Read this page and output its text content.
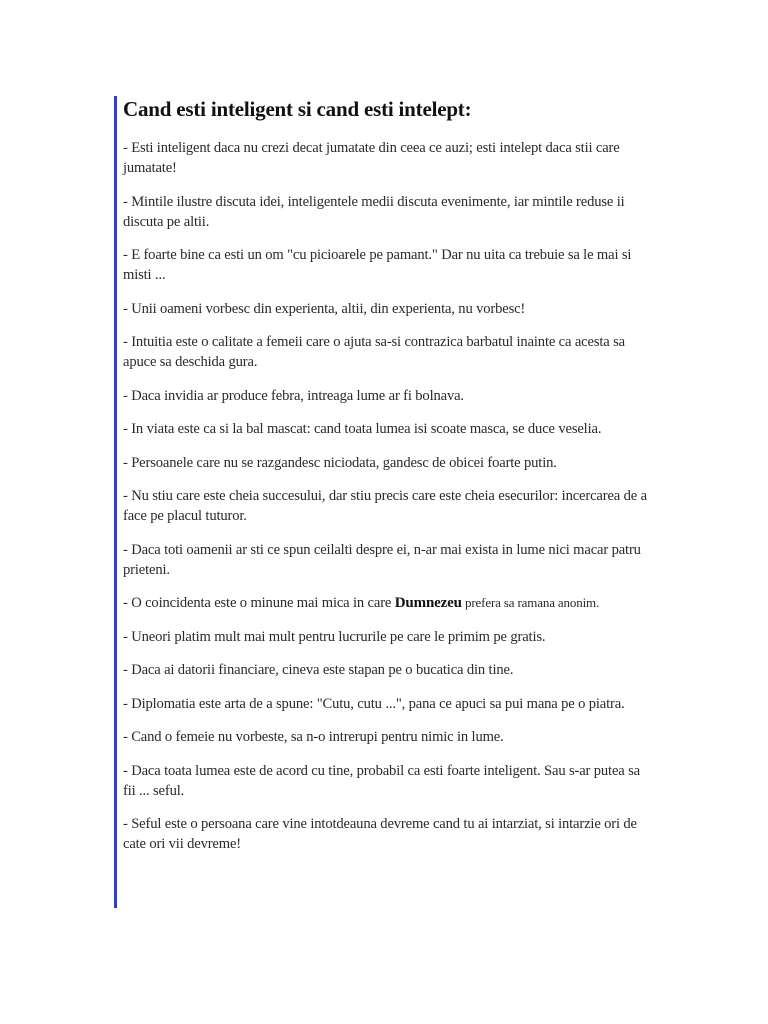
Cand esti inteligent si cand esti intelept:

- Esti inteligent daca nu crezi decat jumatate din ceea ce auzi; esti intelept daca stii care jumatate!

- Mintile ilustre discuta idei, inteligentele medii discuta evenimente, iar mintile reduse ii discuta pe altii.

- E foarte bine ca esti un om "cu picioarele pe pamant." Dar nu uita ca trebuie sa le mai si misti ...

- Unii oameni vorbesc din experienta, altii, din experienta, nu vorbesc!

- Intuitia este o calitate a femeii care o ajuta sa-si contrazica barbatul inainte ca acesta sa apuce sa deschida gura.

- Daca invidia ar produce febra, intreaga lume ar fi bolnava.

- In viata este ca si la bal mascat: cand toata lumea isi scoate masca, se duce veselia.

- Persoanele care nu se razgandesc niciodata, gandesc de obicei foarte putin.

- Nu stiu care este cheia succesului, dar stiu precis care este cheia esecurilor: incercarea de a face pe placul tuturor.

- Daca toti oamenii ar sti ce spun ceilalti despre ei, n-ar mai exista in lume nici macar patru prieteni.

- O coincidenta este o minune mai mica in care Dumnezeu prefera sa ramana anonim.

- Uneori platim mult mai mult pentru lucrurile pe care le primim pe gratis.

- Daca ai datorii financiare, cineva este stapan pe o bucatica din tine.

- Diplomatia este arta de a spune: "Cutu, cutu ...", pana ce apuci sa pui mana pe o piatra.

- Cand o femeie nu vorbeste, sa n-o intrerupi pentru nimic in lume.

- Daca toata lumea este de acord cu tine, probabil ca esti foarte inteligent. Sau s-ar putea sa fii ... seful.

- Seful este o persoana care vine intotdeauna devreme cand tu ai intarziat, si intarzie ori de cate ori vii devreme!
